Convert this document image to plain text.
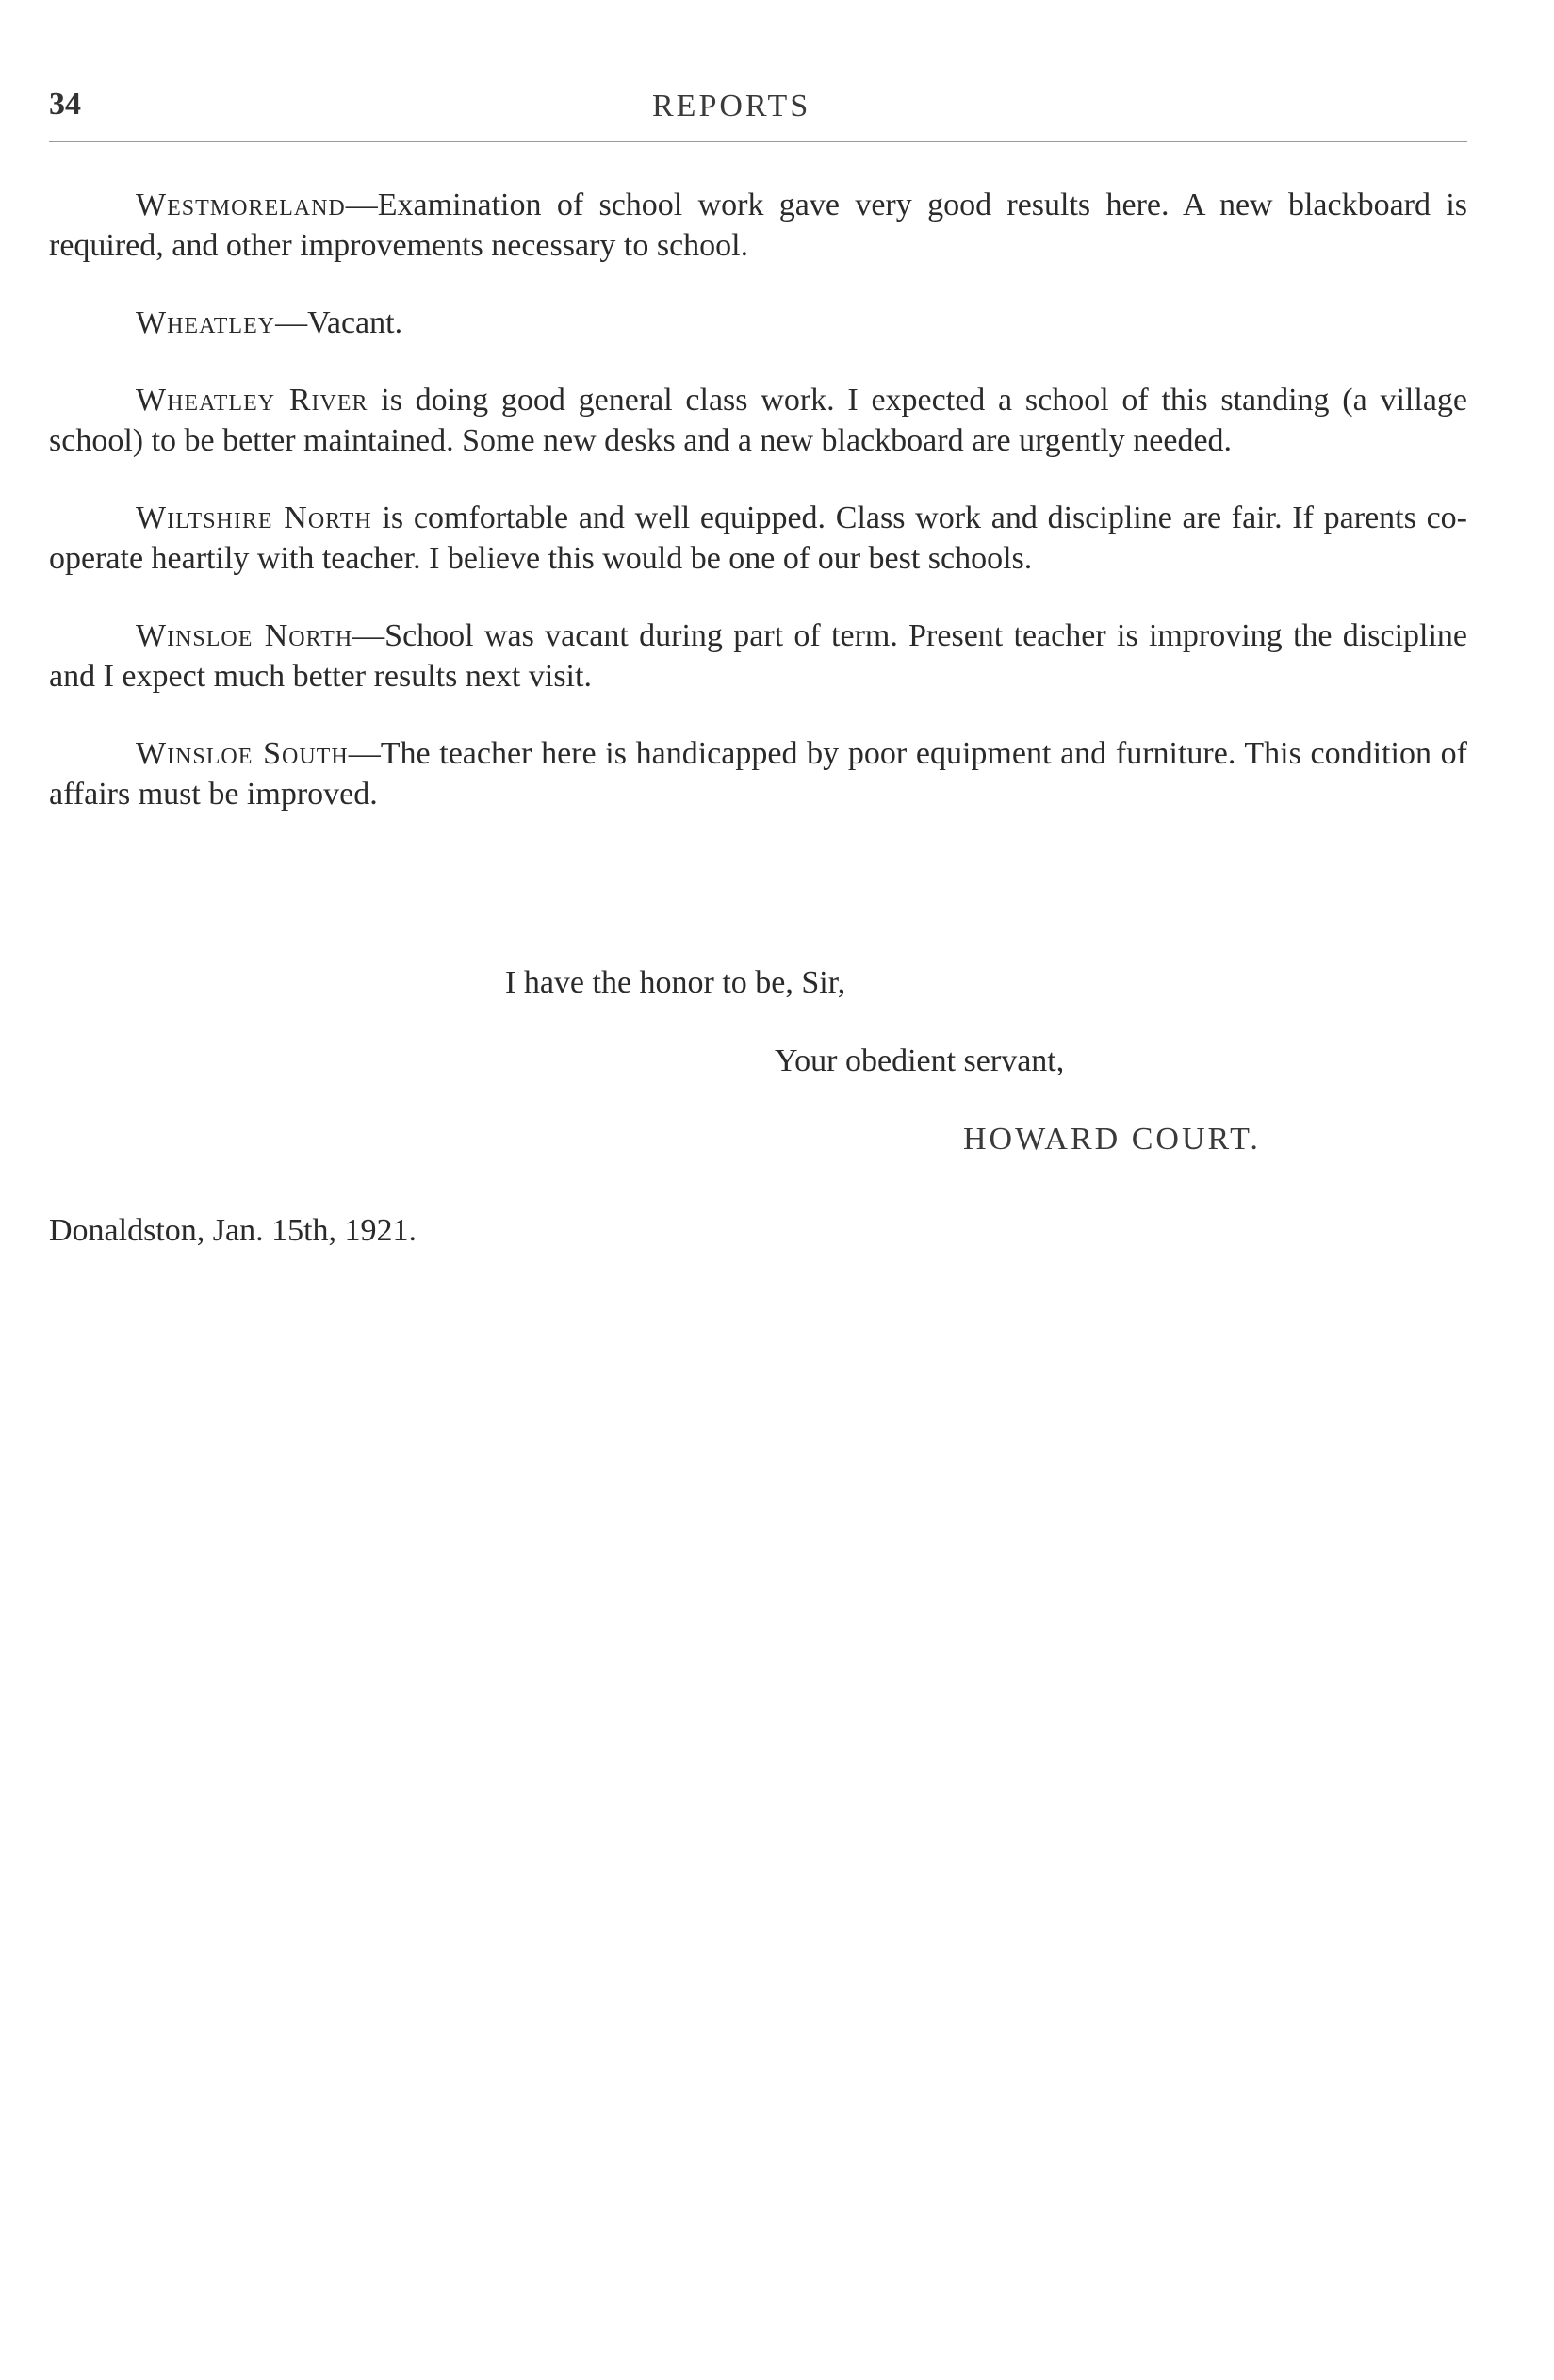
34	REPORTS

Westmoreland—Examination of school work gave very good results here. A new blackboard is required, and other improvements necessary to school.

Wheatley—Vacant.

Wheatley River is doing good general class work. I expected a school of this standing (a village school) to be better maintained. Some new desks and a new blackboard are urgently needed.

Wiltshire North is comfortable and well equipped. Class work and discipline are fair. If parents co-operate heartily with teacher. I believe this would be one of our best schools.

Winsloe North—School was vacant during part of term. Present teacher is improving the discipline and I expect much better results next visit.

Winsloe South—The teacher here is handicapped by poor equipment and furniture. This condition of affairs must be improved.

I have the honor to be, Sir,
Your obedient servant,
HOWARD COURT.
Donaldston, Jan. 15th, 1921.
